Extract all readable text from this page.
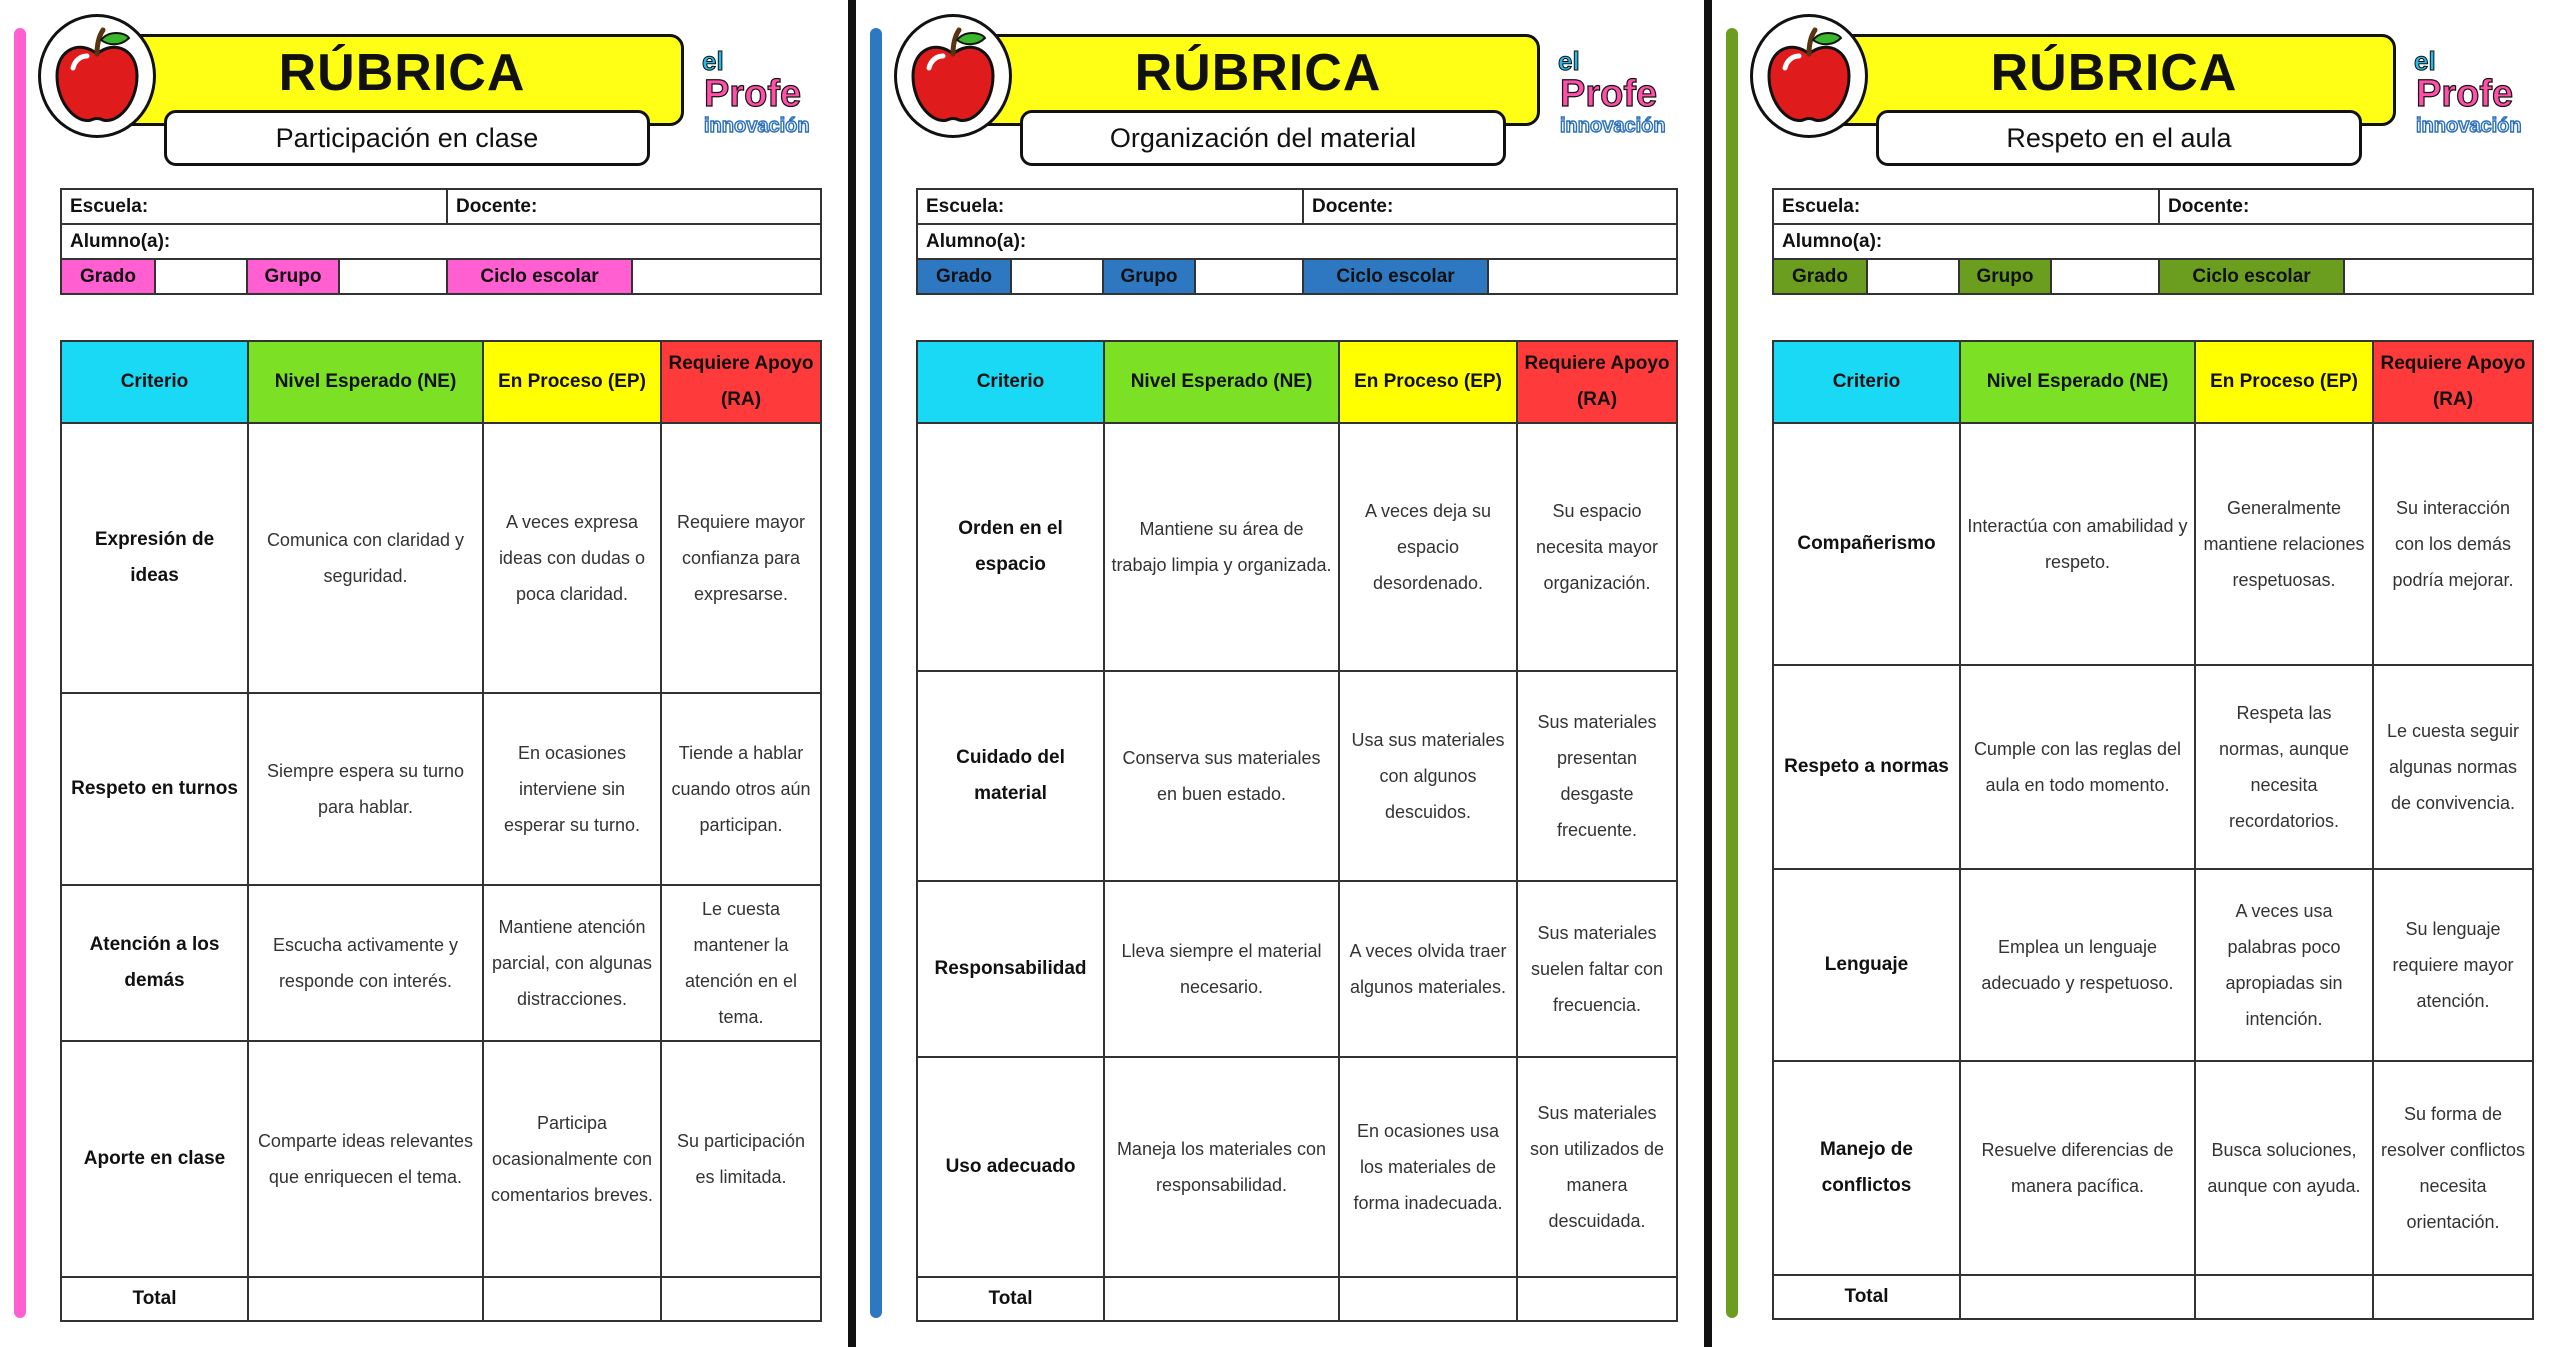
RÚBRICA
Participación en clase
el
Profe
innovación
Escuela:				Docente:	
Alumno(a):					
Grado		Grupo		Ciclo escolar	
Criterio	Nivel Esperado (NE)	En Proceso (EP)	Requiere Apoyo (RA)
Expresión de ideas	Comunica con claridad y seguridad.	A veces expresa ideas con dudas o poca claridad.	Requiere mayor confianza para expresarse.
Respeto en turnos	Siempre espera su turno para hablar.	En ocasiones interviene sin esperar su turno.	Tiende a hablar cuando otros aún participan.
Atención a los demás	Escucha activamente y responde con interés.	Mantiene atención parcial, con algunas distracciones.	Le cuesta mantener la atención en el tema.
Aporte en clase	Comparte ideas relevantes que enriquecen el tema.	Participa ocasionalmente con comentarios breves.	Su participación es limitada.
Total			
RÚBRICA
Organización del material
el
Profe
innovación
Escuela:				Docente:	
Alumno(a):					
Grado		Grupo		Ciclo escolar	
Criterio	Nivel Esperado (NE)	En Proceso (EP)	Requiere Apoyo (RA)
Orden en el espacio	Mantiene su área de trabajo limpia y organizada.	A veces deja su espacio desordenado.	Su espacio necesita mayor organización.
Cuidado del material	Conserva sus materiales en buen estado.	Usa sus materiales con algunos descuidos.	Sus materiales presentan desgaste frecuente.
Responsabilidad	Lleva siempre el material necesario.	A veces olvida traer algunos materiales.	Sus materiales suelen faltar con frecuencia.
Uso adecuado	Maneja los materiales con responsabilidad.	En ocasiones usa los materiales de forma inadecuada.	Sus materiales son utilizados de manera descuidada.
Total			
RÚBRICA
Respeto en el aula
el
Profe
innovación
Escuela:				Docente:	
Alumno(a):					
Grado		Grupo		Ciclo escolar	
Criterio	Nivel Esperado (NE)	En Proceso (EP)	Requiere Apoyo (RA)
Compañerismo	Interactúa con amabilidad y respeto.	Generalmente mantiene relaciones respetuosas.	Su interacción con los demás podría mejorar.
Respeto a normas	Cumple con las reglas del aula en todo momento.	Respeta las normas, aunque necesita recordatorios.	Le cuesta seguir algunas normas de convivencia.
Lenguaje	Emplea un lenguaje adecuado y respetuoso.	A veces usa palabras poco apropiadas sin intención.	Su lenguaje requiere mayor atención.
Manejo de conflictos	Resuelve diferencias de manera pacífica.	Busca soluciones, aunque con ayuda.	Su forma de resolver conflictos necesita orientación.
Total			
